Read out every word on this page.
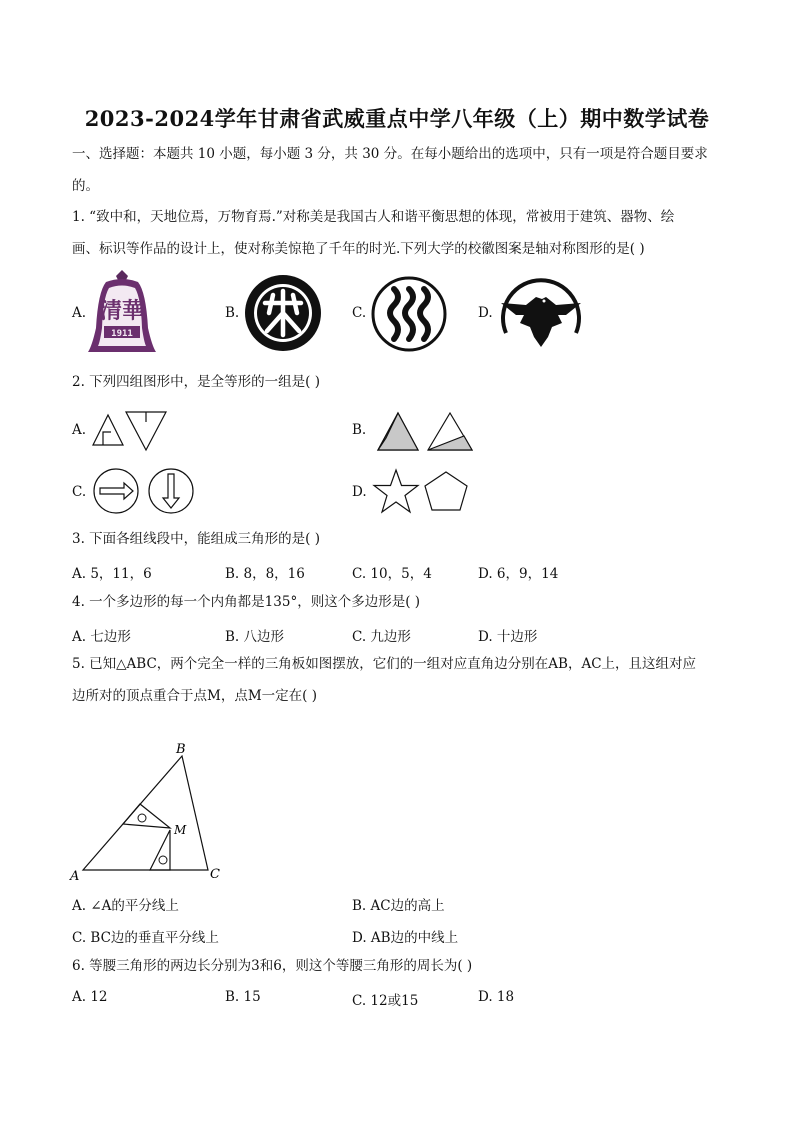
2023-2024学年甘肃省武威重点中学八年级（上）期中数学试卷
一、选择题：本题共 10 小题，每小题 3 分，共 30 分。在每小题给出的选项中，只有一项是符合题目要求
的。
1. “致中和，天地位焉，万物育焉.”对称美是我国古人和谐平衡思想的体现，常被用于建筑、器物、绘
画、标识等作品的设计上，使对称美惊艳了千年的时光.下列大学的校徽图案是轴对称图形的是( )
A. 清華
1911
B.	C.	D.
2. 下列四组图形中，是全等形的一组是( )
A.	B.
C.	D.
3. 下面各组线段中，能组成三角形的是( )
A. 5，11，6	B. 8，8，16	C. 10，5，4	D. 6，9，14
4. 一个多边形的每一个内角都是135°，则这个多边形是( )
A. 七边形	B. 八边形	C. 九边形	D. 十边形
5. 已知△ABC，两个完全一样的三角板如图摆放，它们的一组对应直角边分别在AB，AC上，且这组对应
边所对的顶点重合于点M，点M一定在( )
A
B
C
M
A. ∠A的平分线上	B. AC边的高上
C. BC边的垂直平分线上	D. AB边的中线上
6. 等腰三角形的两边长分别为3和6，则这个等腰三角形的周长为( )
A. 12	B. 15	C. 12或15	D. 18
